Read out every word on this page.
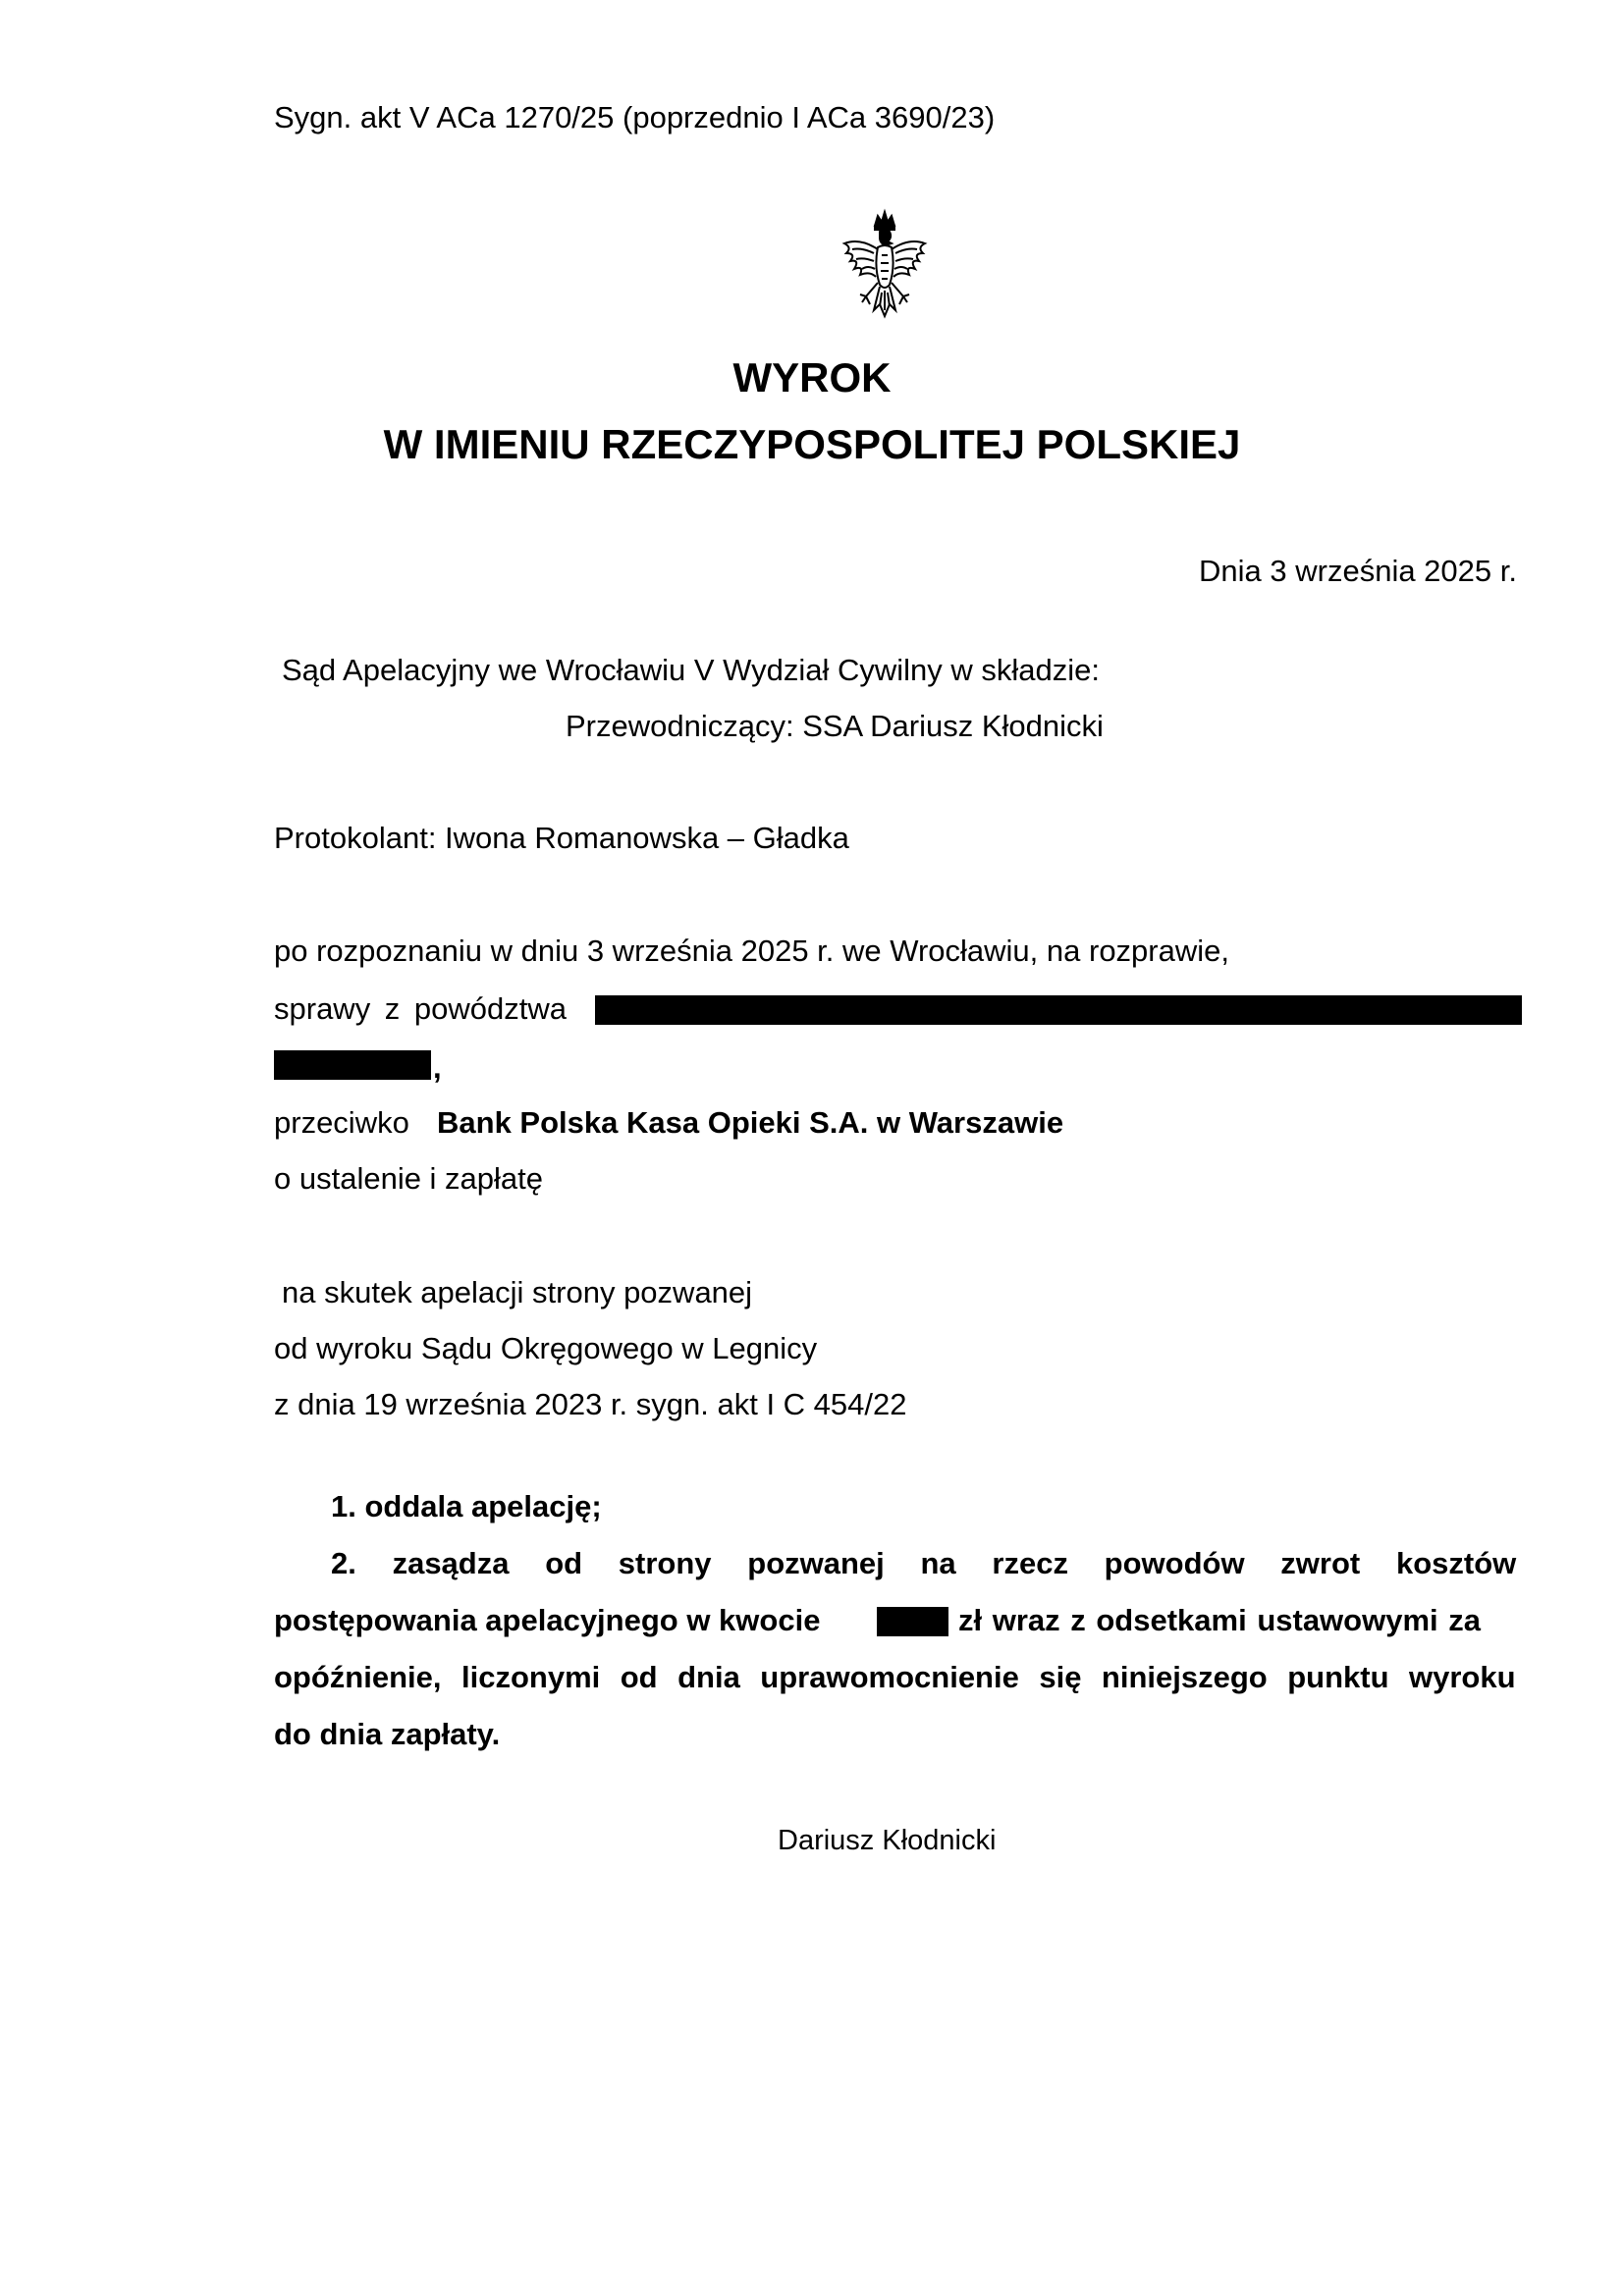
Sygn. akt V ACa 1270/25 (poprzednio I ACa 3690/23)
WYROK
W IMIENIU RZECZYPOSPOLITEJ POLSKIEJ
Dnia 3 września 2025 r.
Sąd Apelacyjny we Wrocławiu V Wydział Cywilny w składzie:
Przewodniczący: SSA Dariusz Kłodnicki
Protokolant: Iwona Romanowska – Gładka
po rozpoznaniu w dniu 3 września 2025 r. we Wrocławiu, na rozprawie,
sprawy z powództwa
,
przeciwko Bank Polska Kasa Opieki S.A. w Warszawie
o ustalenie i zapłatę
na skutek apelacji strony pozwanej
od wyroku Sądu Okręgowego w Legnicy
z dnia 19 września 2023 r. sygn. akt I C 454/22
1. oddala apelację;
2. zasądza od strony pozwanej na rzecz powodów zwrot kosztów
postępowania apelacyjnego w kwocie	zł wraz z odsetkami ustawowymi za
opóźnienie, liczonymi od dnia uprawomocnienie się niniejszego punktu wyroku
do dnia zapłaty.
Dariusz Kłodnicki
